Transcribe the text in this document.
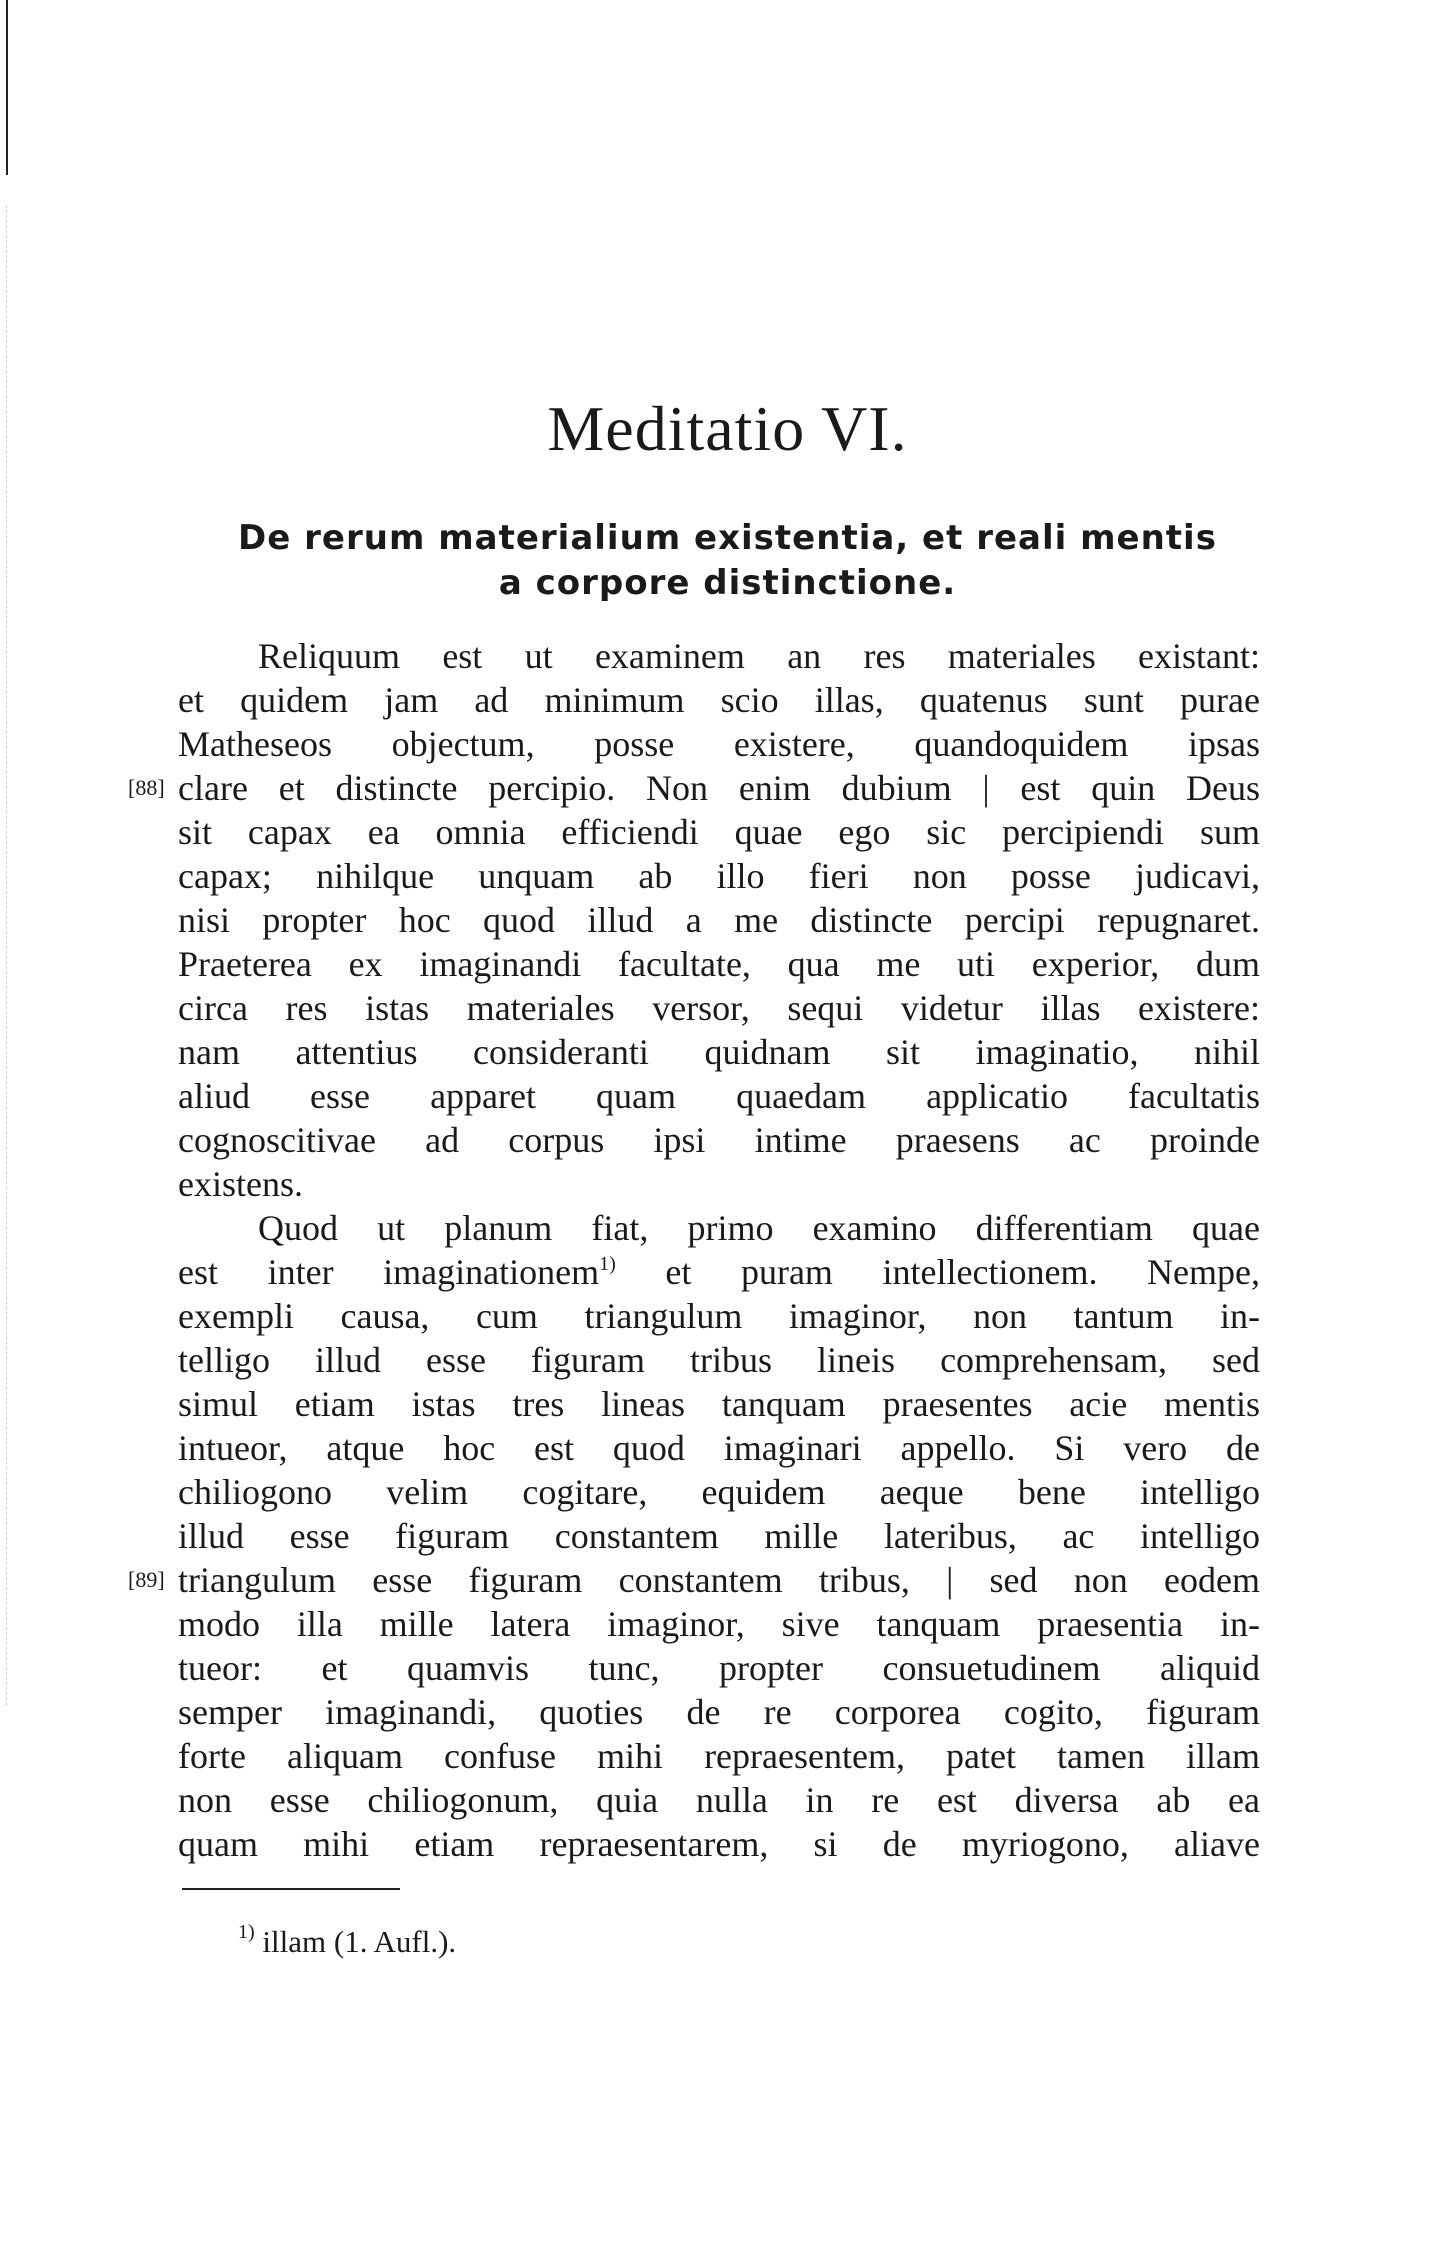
Meditatio VI.
De rerum materialium existentia, et reali mentis
a corpore distinctione.
Reliquum est ut examinem an res materiales existant:
et quidem jam ad minimum scio illas, quatenus sunt purae
Matheseos objectum, posse existere, quandoquidem ipsas
[88] clare et distincte percipio. Non enim dubium | est quin Deus
sit capax ea omnia efficiendi quae ego sic percipiendi sum
capax; nihilque unquam ab illo fieri non posse judicavi,
nisi propter hoc quod illud a me distincte percipi repugnaret.
Praeterea ex imaginandi facultate, qua me uti experior, dum
circa res istas materiales versor, sequi videtur illas existere:
nam attentius consideranti quidnam sit imaginatio, nihil
aliud esse apparet quam quaedam applicatio facultatis
cognoscitivae ad corpus ipsi intime praesens ac proinde
existens.
Quod ut planum fiat, primo examino differentiam quae
est inter imaginationem$^{1)}$ et puram intellectionem. Nempe,
exempli causa, cum triangulum imaginor, non tantum in-
telligo illud esse figuram tribus lineis comprehensam, sed
simul etiam istas tres lineas tanquam praesentes acie mentis
intueor, atque hoc est quod imaginari appello. Si vero de
chiliogono velim cogitare, equidem aeque bene intelligo
illud esse figuram constantem mille lateribus, ac intelligo
[89] triangulum esse figuram constantem tribus, | sed non eodem
modo illa mille latera imaginor, sive tanquam praesentia in-
tueor: et quamvis tunc, propter consuetudinem aliquid
semper imaginandi, quoties de re corporea cogito, figuram
forte aliquam confuse mihi repraesentem, patet tamen illam
non esse chiliogonum, quia nulla in re est diversa ab ea
quam mihi etiam repraesentarem, si de myriogono, aliave
$^{1)}$ illam (1. Aufl.).
